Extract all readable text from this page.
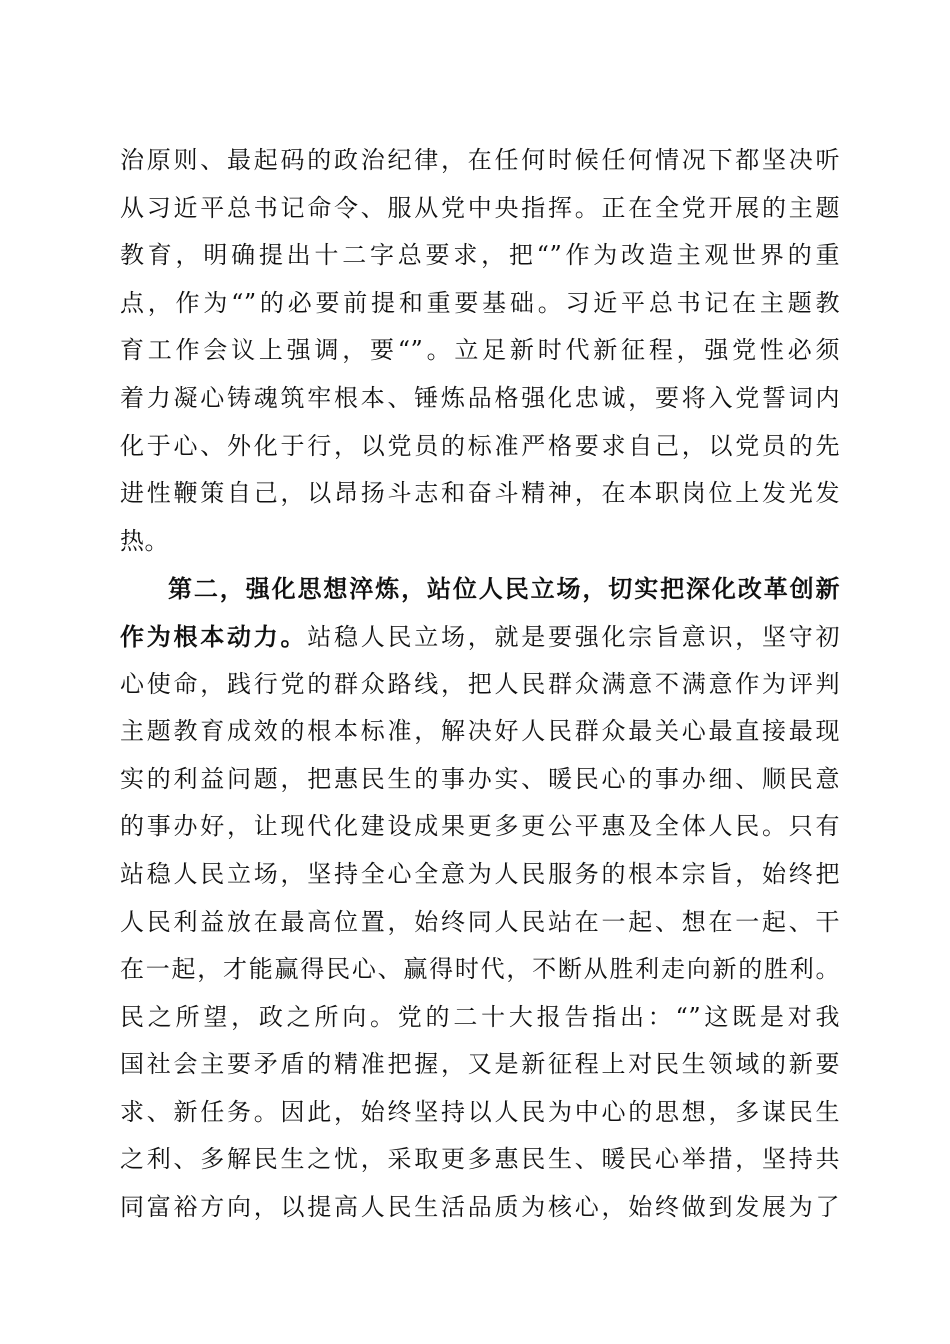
治原则、最起码的政治纪律，在任何时候任何情况下都坚决听
从习近平总书记命令、服从党中央指挥。正在全党开展的主题
教育，明确提出十二字总要求，把“”作为改造主观世界的重
点，作为“”的必要前提和重要基础。习近平总书记在主题教
育工作会议上强调，要“”。立足新时代新征程，强党性必须
着力凝心铸魂筑牢根本、锤炼品格强化忠诚，要将入党誓词内
化于心、外化于行，以党员的标准严格要求自己，以党员的先
进性鞭策自己，以昂扬斗志和奋斗精神，在本职岗位上发光发
热。
第二，强化思想淬炼，站位人民立场，切实把深化改革创新
作为根本动力。站稳人民立场，就是要强化宗旨意识，坚守初
心使命，践行党的群众路线，把人民群众满意不满意作为评判
主题教育成效的根本标准，解决好人民群众最关心最直接最现
实的利益问题，把惠民生的事办实、暖民心的事办细、顺民意
的事办好，让现代化建设成果更多更公平惠及全体人民。只有
站稳人民立场，坚持全心全意为人民服务的根本宗旨，始终把
人民利益放在最高位置，始终同人民站在一起、想在一起、干
在一起，才能赢得民心、赢得时代，不断从胜利走向新的胜利。
民之所望，政之所向。党的二十大报告指出：“”这既是对我
国社会主要矛盾的精准把握，又是新征程上对民生领域的新要
求、新任务。因此，始终坚持以人民为中心的思想，多谋民生
之利、多解民生之忧，采取更多惠民生、暖民心举措，坚持共
同富裕方向，以提高人民生活品质为核心，始终做到发展为了
